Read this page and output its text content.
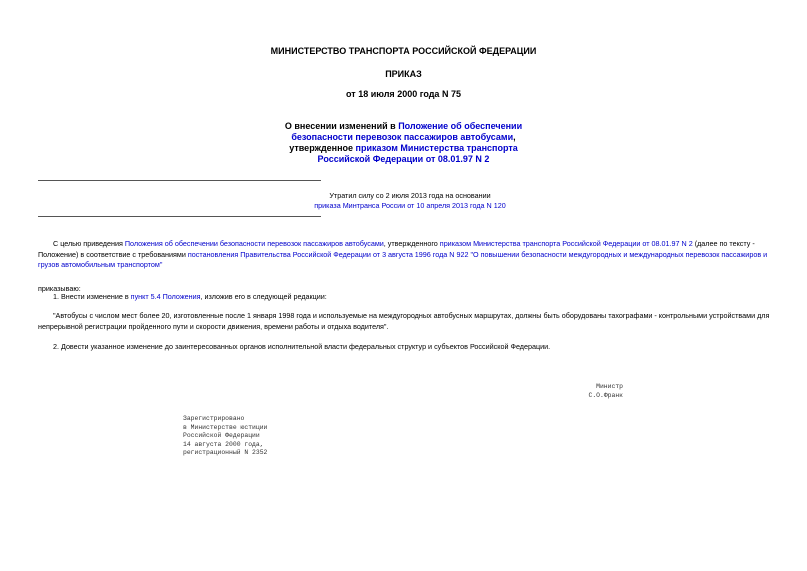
МИНИСТЕРСТВО ТРАНСПОРТА РОССИЙСКОЙ ФЕДЕРАЦИИ
ПРИКАЗ
от 18 июля 2000 года N 75
О внесении изменений в Положение об обеспечении
безопасности перевозок пассажиров автобусами,
утвержденное приказом Министерства транспорта
Российской Федерации от 08.01.97 N 2
Утратил силу со 2 июля 2013 года на основании
приказа Минтранса России от 10 апреля 2013 года N 120
С целью приведения Положения об обеспечении безопасности перевозок пассажиров автобусами, утвержденного приказом Министерства транспорта Российской Федерации от 08.01.97 N 2 (далее по тексту - Положение) в соответствие с требованиями постановления Правительства Российской Федерации от 3 августа 1996 года N 922 "О повышении безопасности междугородных и международных перевозок пассажиров и грузов автомобильным транспортом"
приказываю:
1. Внести изменение в пункт 5.4 Положения, изложив его в следующей редакции:
"Автобусы с числом мест более 20, изготовленные после 1 января 1998 года и используемые на междугородных автобусных маршрутах, должны быть оборудованы тахографами - контрольными устройствами для непрерывной регистрации пройденного пути и скорости движения, времени работы и отдыха водителя".
2. Довести указанное изменение до заинтересованных органов исполнительной власти федеральных структур и субъектов Российской Федерации.
Министр
С.О.Франк
Зарегистрировано
в Министерстве юстиции
Российской Федерации
14 августа 2000 года,
регистрационный N 2352
